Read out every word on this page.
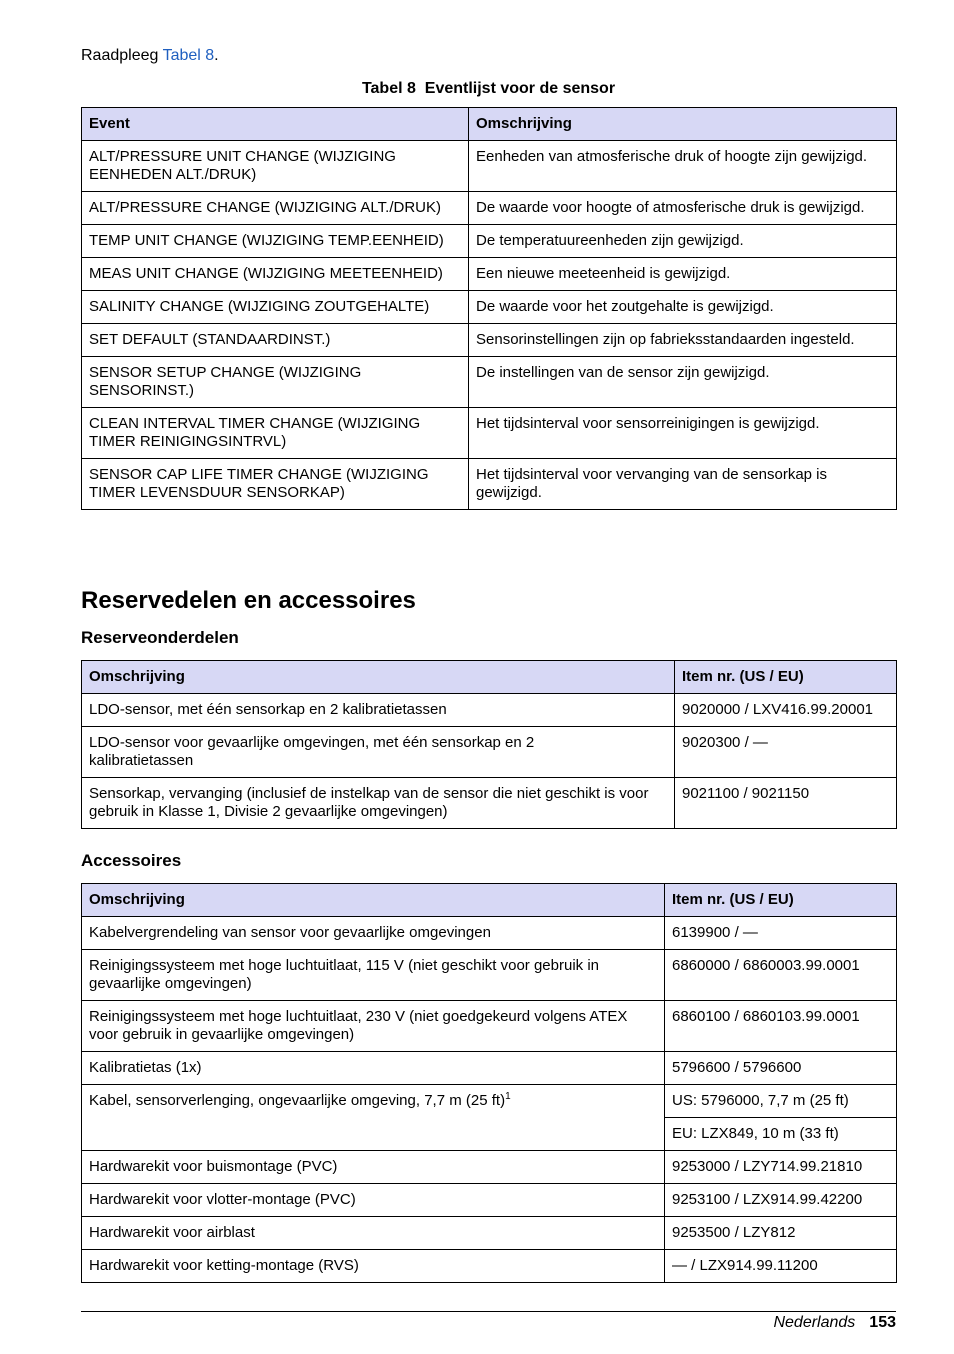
Raadpleeg Tabel 8.
Tabel 8  Eventlijst voor de sensor
Event	Omschrijving
ALT/PRESSURE UNIT CHANGE (WIJZIGING EENHEDEN ALT./DRUK)	Eenheden van atmosferische druk of hoogte zijn gewijzigd.
ALT/PRESSURE CHANGE (WIJZIGING ALT./DRUK)	De waarde voor hoogte of atmosferische druk is gewijzigd.
TEMP UNIT CHANGE (WIJZIGING TEMP.EENHEID)	De temperatuureenheden zijn gewijzigd.
MEAS UNIT CHANGE (WIJZIGING MEETEENHEID)	Een nieuwe meeteenheid is gewijzigd.
SALINITY CHANGE (WIJZIGING ZOUTGEHALTE)	De waarde voor het zoutgehalte is gewijzigd.
SET DEFAULT (STANDAARDINST.)	Sensorinstellingen zijn op fabrieksstandaarden ingesteld.
SENSOR SETUP CHANGE (WIJZIGING SENSORINST.)	De instellingen van de sensor zijn gewijzigd.
CLEAN INTERVAL TIMER CHANGE (WIJZIGING TIMER REINIGINGSINTRVL)	Het tijdsinterval voor sensorreinigingen is gewijzigd.
SENSOR CAP LIFE TIMER CHANGE (WIJZIGING TIMER LEVENSDUUR SENSORKAP)	Het tijdsinterval voor vervanging van de sensorkap is gewijzigd.
Reservedelen en accessoires
Reserveonderdelen
Omschrijving	Item nr. (US / EU)
LDO-sensor, met één sensorkap en 2 kalibratietassen	9020000 / LXV416.99.20001
LDO-sensor voor gevaarlijke omgevingen, met één sensorkap en 2 kalibratietassen	9020300 / —
Sensorkap, vervanging (inclusief de instelkap van de sensor die niet geschikt is voor gebruik in Klasse 1, Divisie 2 gevaarlijke omgevingen)	9021100 / 9021150
Accessoires
Omschrijving	Item nr. (US / EU)
Kabelvergrendeling van sensor voor gevaarlijke omgevingen	6139900 / —
Reinigingssysteem met hoge luchtuitlaat, 115 V (niet geschikt voor gebruik in gevaarlijke omgevingen)	6860000 / 6860003.99.0001
Reinigingssysteem met hoge luchtuitlaat, 230 V (niet goedgekeurd volgens ATEX voor gebruik in gevaarlijke omgevingen)	6860100 / 6860103.99.0001
Kalibratietas (1x)	5796600 / 5796600
Kabel, sensorverlenging, ongevaarlijke omgeving, 7,7 m (25 ft)$^1$	US: 5796000, 7,7 m (25 ft)
	EU: LZX849, 10 m (33 ft)
Hardwarekit voor buismontage (PVC)	9253000 / LZY714.99.21810
Hardwarekit voor vlotter-montage (PVC)	9253100 / LZX914.99.42200
Hardwarekit voor airblast	9253500 / LZY812
Hardwarekit voor ketting-montage (RVS)	— / LZX914.99.11200
Nederlands 153
